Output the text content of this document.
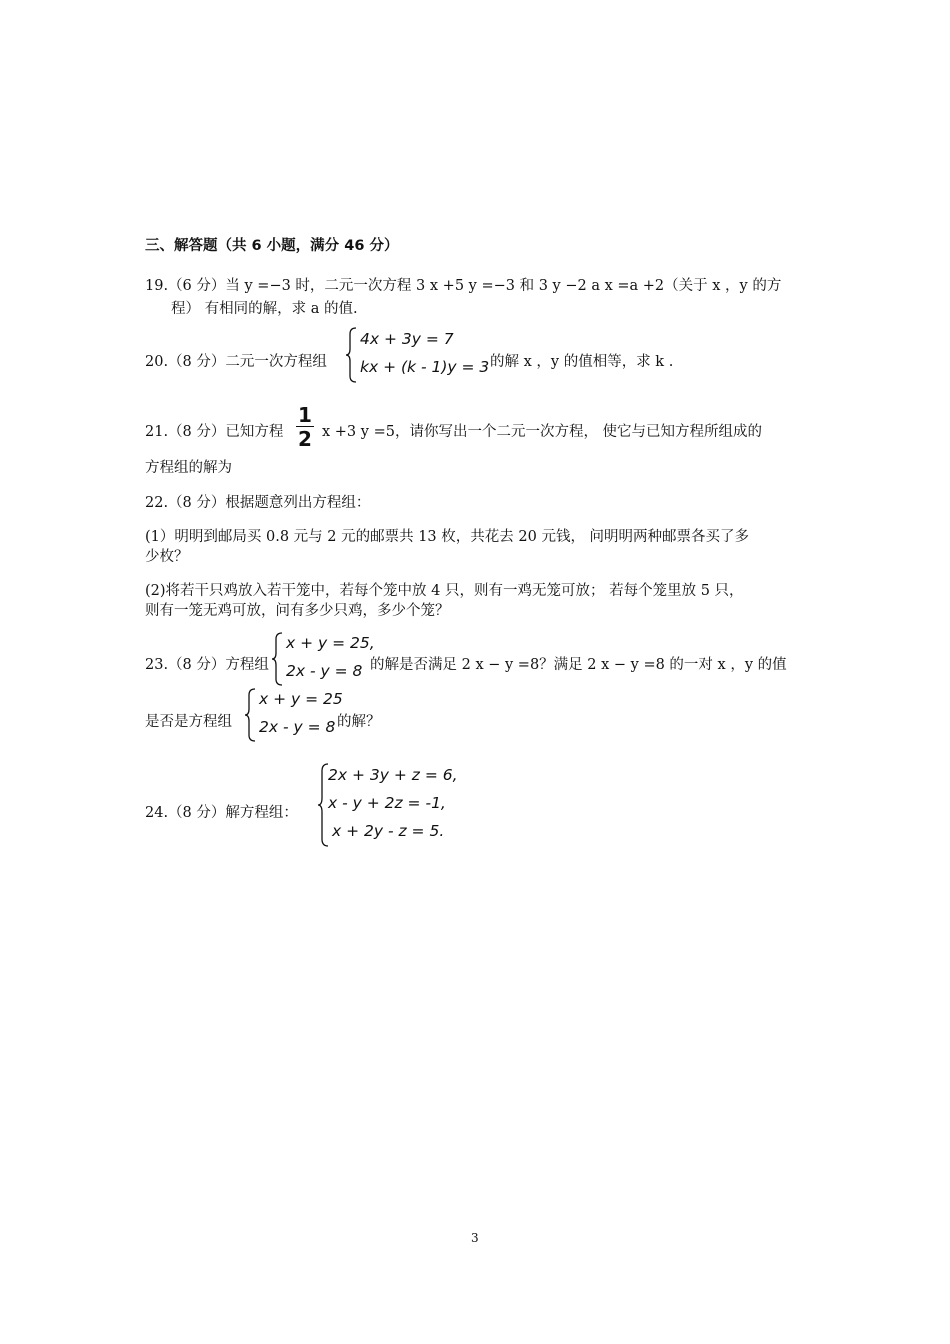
三、解答题（共 6 小题，满分 46 分）
19.（6 分）当 y =−3 时，二元一次方程 3 x +5 y =−3 和 3 y −2 a x =a +2（关于 x ，y 的方
程） 有相同的解，求 a 的值.
20.（8 分）二元一次方程组
4x + 3y = 7
kx + (k - 1)y = 3 的解 x ，y 的值相等，求 k .
21.（8 分）已知方程
1
2 x +3 y =5，请你写出一个二元一次方程， 使它与已知方程所组成的
方程组的解为
22.（8 分）根据题意列出方程组：
(1）明明到邮局买 0.8 元与 2 元的邮票共 13 枚，共花去 20 元钱， 问明明两种邮票各买了多
少枚？
(2)将若干只鸡放入若干笼中，若每个笼中放 4 只，则有一鸡无笼可放； 若每个笼里放 5 只，
则有一笼无鸡可放，问有多少只鸡，多少个笼？
23.（8 分）方程组
x + y = 25,
2x - y = 8 的解是否满足 2 x − y =8？满足 2 x − y =8 的一对 x ，y 的值
是否是方程组
x + y = 25
2x - y = 8 的解？
24.（8 分）解方程组：
2x + 3y + z = 6,
x - y + 2z = -1,
x + 2y - z = 5.
3
